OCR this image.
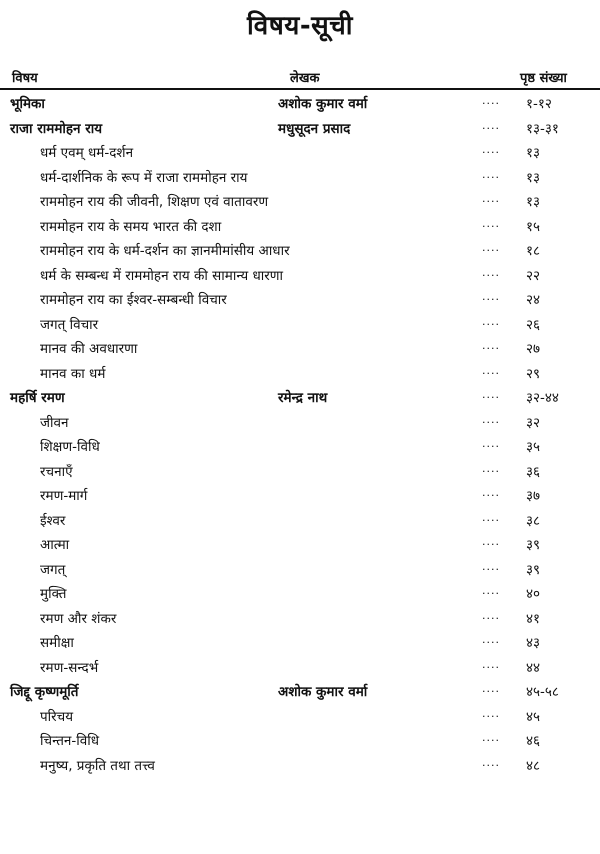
विषय-सूची
विषय	लेखक	पृष्ठ संख्या
भूमिका	अशोक कुमार वर्मा	···· १-१२
राजा राममोहन राय	मधुसूदन प्रसाद	···· १३-३१
धर्म एवम् धर्म-दर्शन	···· १३
धर्म-दार्शनिक के रूप में राजा राममोहन राय	···· १३
राममोहन राय की जीवनी, शिक्षण एवं वातावरण	···· १३
राममोहन राय के समय भारत की दशा	···· १५
राममोहन राय के धर्म-दर्शन का ज्ञानमीमांसीय आधार	···· १८
धर्म के सम्बन्ध में राममोहन राय की सामान्य धारणा	···· २२
राममोहन राय का ईश्वर-सम्बन्धी विचार	···· २४
जगत् विचार	···· २६
मानव की अवधारणा	···· २७
मानव का धर्म	···· २९
महर्षि रमण	रमेन्द्र नाथ	···· ३२-४४
जीवन	···· ३२
शिक्षण-विधि	···· ३५
रचनाएँ	···· ३६
रमण-मार्ग	···· ३७
ईश्वर	···· ३८
आत्मा	···· ३९
जगत्	···· ३९
मुक्ति	···· ४०
रमण और शंकर	···· ४१
समीक्षा	···· ४३
रमण-सन्दर्भ	···· ४४
जिद्दू कृष्णमूर्ति	अशोक कुमार वर्मा	···· ४५-५८
परिचय	···· ४५
चिन्तन-विधि	···· ४६
मनुष्य, प्रकृति तथा तत्त्व	···· ४८
